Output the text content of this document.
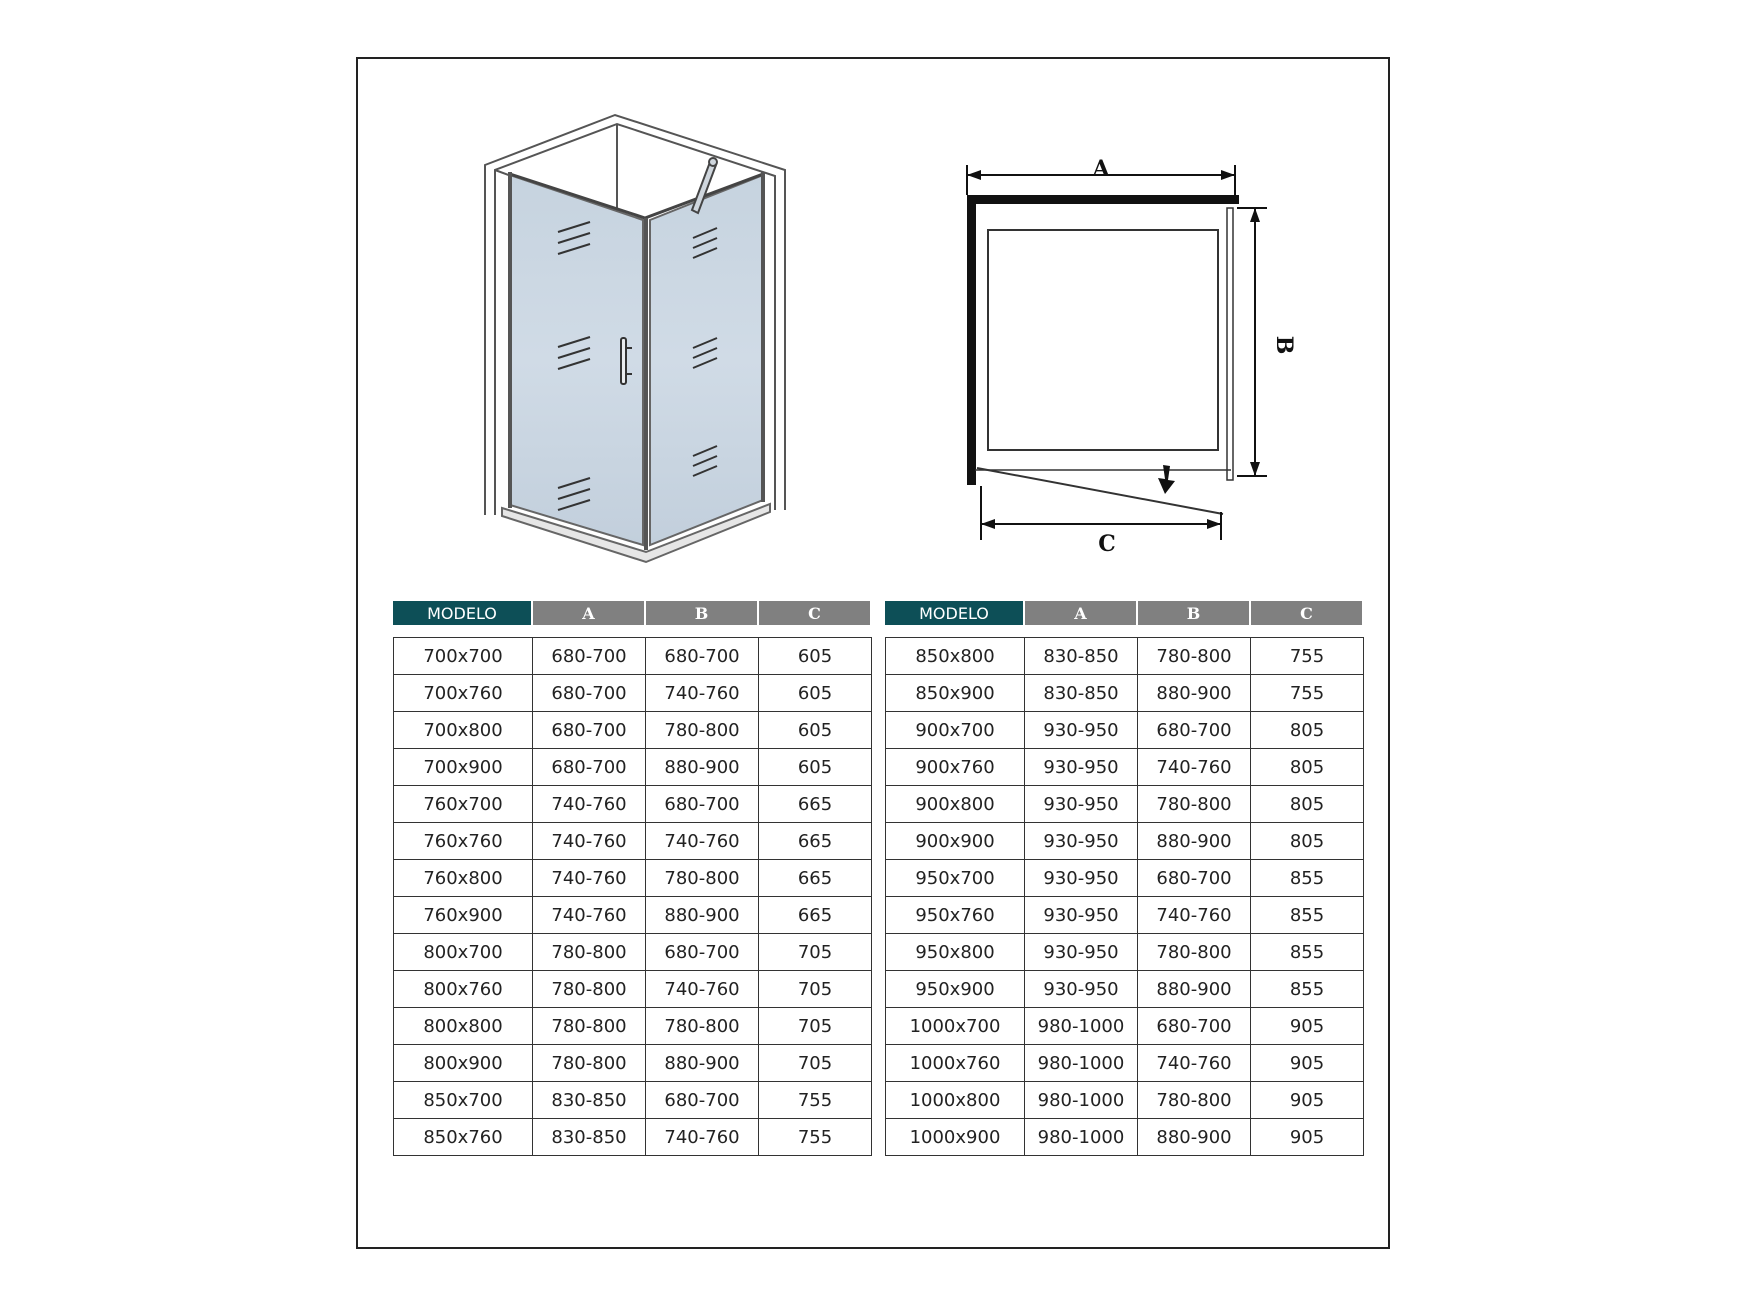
A
B
C
MODELO	A	B	C

700x700	680-700	680-700	605
700x760	680-700	740-760	605
700x800	680-700	780-800	605
700x900	680-700	880-900	605
760x700	740-760	680-700	665
760x760	740-760	740-760	665
760x800	740-760	780-800	665
760x900	740-760	880-900	665
800x700	780-800	680-700	705
800x760	780-800	740-760	705
800x800	780-800	780-800	705
800x900	780-800	880-900	705
850x700	830-850	680-700	755
850x760	830-850	740-760	755
MODELO	A	B	C

850x800	830-850	780-800	755
850x900	830-850	880-900	755
900x700	930-950	680-700	805
900x760	930-950	740-760	805
900x800	930-950	780-800	805
900x900	930-950	880-900	805
950x700	930-950	680-700	855
950x760	930-950	740-760	855
950x800	930-950	780-800	855
950x900	930-950	880-900	855
1000x700	980-1000	680-700	905
1000x760	980-1000	740-760	905
1000x800	980-1000	780-800	905
1000x900	980-1000	880-900	905
